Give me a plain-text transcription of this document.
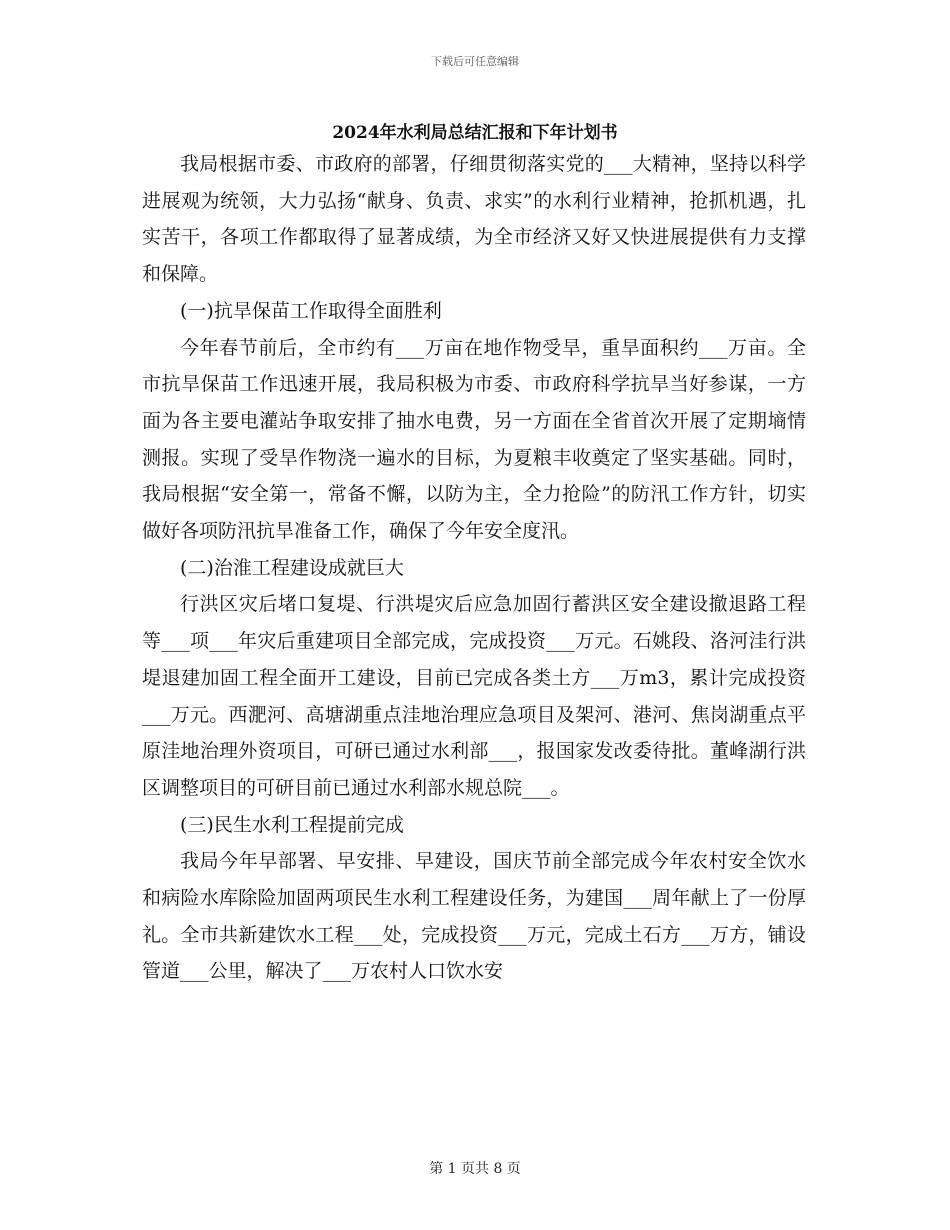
下载后可任意编辑
2024年水利局总结汇报和下年计划书

我局根据市委、市政府的部署，仔细贯彻落实党的___大精神，坚持以科学进展观为统领，大力弘扬“献身、负责、求实”的水利行业精神，抢抓机遇，扎实苦干，各项工作都取得了显著成绩，为全市经济又好又快进展提供有力支撑和保障。

(一)抗旱保苗工作取得全面胜利

今年春节前后，全市约有___万亩在地作物受旱，重旱面积约___万亩。全市抗旱保苗工作迅速开展，我局积极为市委、市政府科学抗旱当好参谋，一方面为各主要电灌站争取安排了抽水电费，另一方面在全省首次开展了定期墒情测报。实现了受旱作物浇一遍水的目标，为夏粮丰收奠定了坚实基础。同时，我局根据“安全第一，常备不懈，以防为主，全力抢险”的防汛工作方针，切实做好各项防汛抗旱准备工作，确保了今年安全度汛。

(二)治淮工程建设成就巨大

行洪区灾后堵口复堤、行洪堤灾后应急加固行蓄洪区安全建设撤退路工程等___项___年灾后重建项目全部完成，完成投资___万元。石姚段、洛河洼行洪堤退建加固工程全面开工建设，目前已完成各类土方___万m3，累计完成投资___万元。西淝河、高塘湖重点洼地治理应急项目及架河、港河、焦岗湖重点平原洼地治理外资项目，可研已通过水利部___，报国家发改委待批。董峰湖行洪区调整项目的可研目前已通过水利部水规总院___。

(三)民生水利工程提前完成

我局今年早部署、早安排、早建设，国庆节前全部完成今年农村安全饮水和病险水库除险加固两项民生水利工程建设任务，为建国___周年献上了一份厚礼。全市共新建饮水工程___处，完成投资___万元，完成土石方___万方，铺设管道___公里，解决了___万农村人口饮水安

第 1 页共 8 页
